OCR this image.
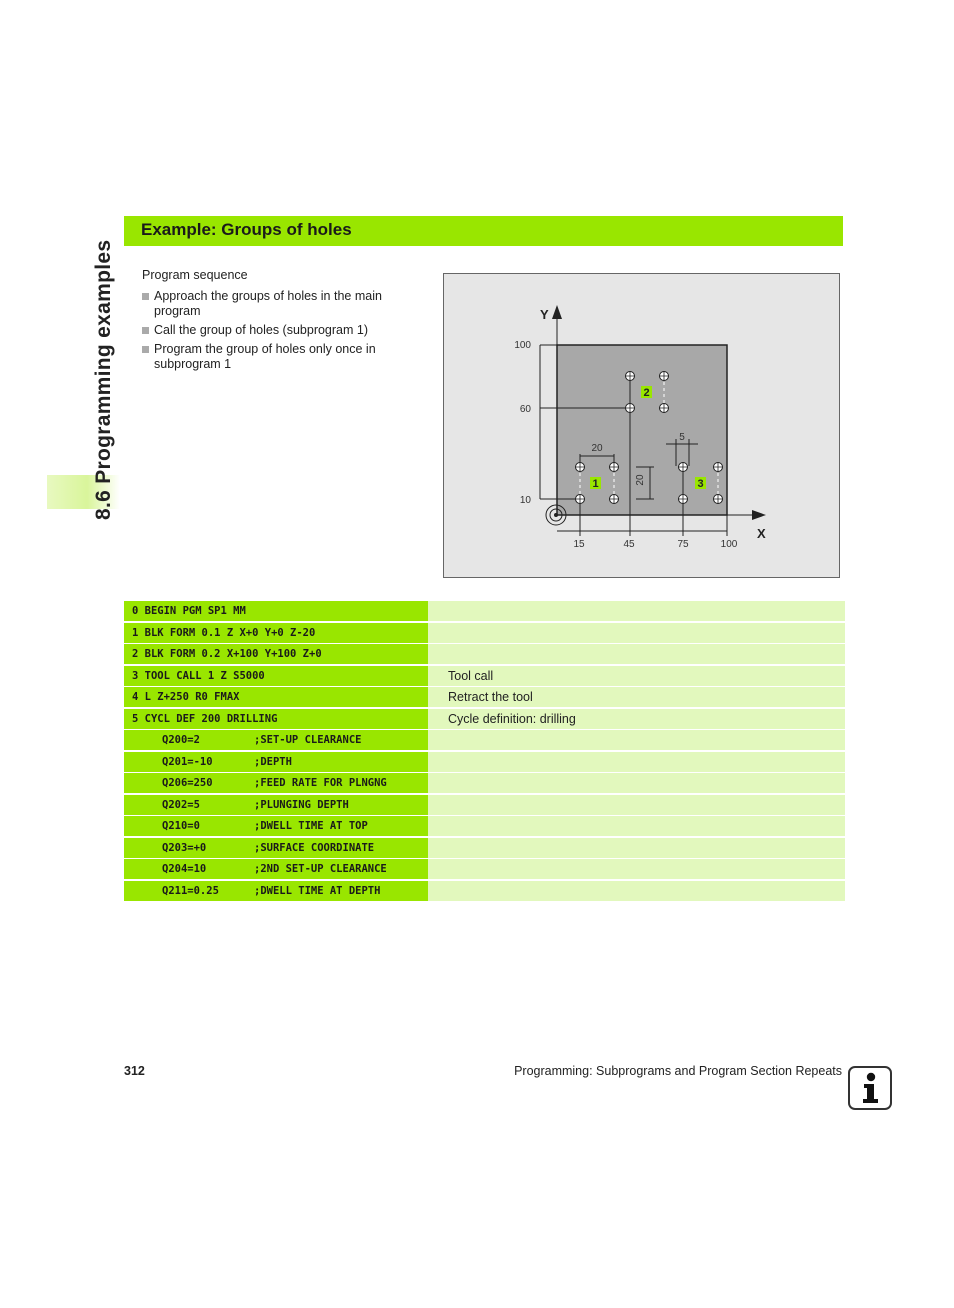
8.6 Programming examples
Example: Groups of holes

Program sequence

Approach the groups of holes in the main program
Call the group of holes (subprogram 1)
Program the group of holes only once in subprogram 1
X
Y
100
60
10
15	45	75	100
20
5
20
1
2
3
0 BEGIN PGM SP1 MM
1 BLK FORM 0.1 Z X+0 Y+0 Z-20
2 BLK FORM 0.2 X+100 Y+100 Z+0
3 TOOL CALL 1 Z S5000	Tool call
4 L Z+250 R0 FMAX	Retract the tool
5 CYCL DEF 200 DRILLING	Cycle definition: drilling
Q200=2	;SET-UP CLEARANCE
Q201=-10	;DEPTH
Q206=250	;FEED RATE FOR PLNGNG
Q202=5	;PLUNGING DEPTH
Q210=0	;DWELL TIME AT TOP
Q203=+0	;SURFACE COORDINATE
Q204=10	;2ND SET-UP CLEARANCE
Q211=0.25	;DWELL TIME AT DEPTH
312	Programming: Subprograms and Program Section Repeats
